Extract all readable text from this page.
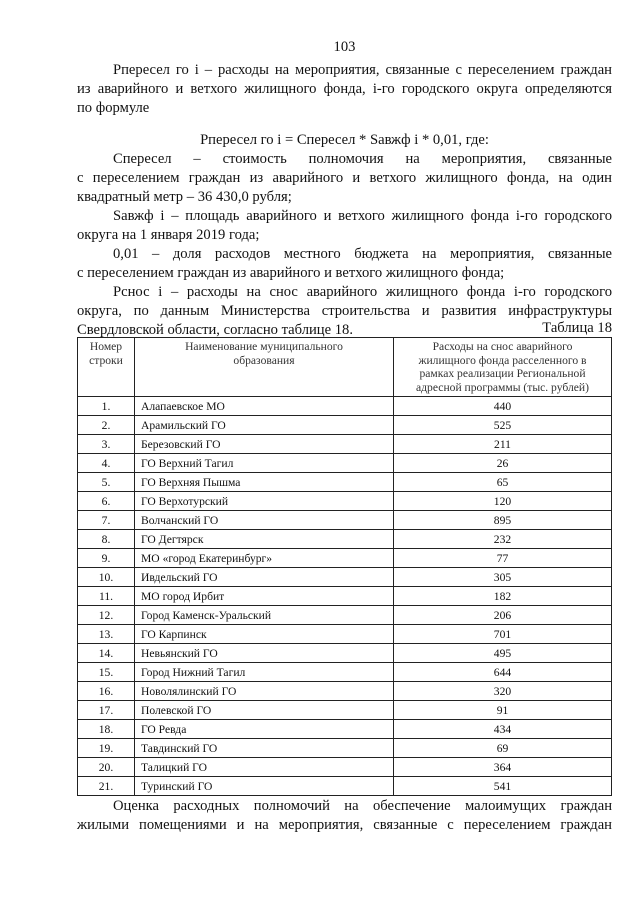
103
Рпересел го i – расходы на мероприятия, связанные с переселением граждан
из аварийного и ветхого жилищного фонда, i-го городского округа определяются
по формуле
Рпересел го i = Спересел * Sавжф i * 0,01, где:
Спересел – стоимость полномочия на мероприятия, связанные
с переселением граждан из аварийного и ветхого жилищного фонда, на один
квадратный метр – 36 430,0 рубля;
Sавжф i – площадь аварийного и ветхого жилищного фонда i-го городского
округа на 1 января 2019 года;
0,01 – доля расходов местного бюджета на мероприятия, связанные
с переселением граждан из аварийного и ветхого жилищного фонда;
Рснос i – расходы на снос аварийного жилищного фонда i-го городского
округа, по данным Министерства строительства и развития инфраструктуры
Свердловской области, согласно таблице 18.	Таблица 18
Номер строки	Наименование муниципального образования	Расходы на снос аварийного жилищного фонда расселенного в рамках реализации Региональной адресной программы (тыс. рублей)
1.	Алапаевское МО	440
2.	Арамильский ГО	525
3.	Березовский ГО	211
4.	ГО Верхний Тагил	26
5.	ГО Верхняя Пышма	65
6.	ГО Верхотурский	120
7.	Волчанский ГО	895
8.	ГО Дегтярск	232
9.	МО «город Екатеринбург»	77
10.	Ивдельский ГО	305
11.	МО город Ирбит	182
12.	Город Каменск-Уральский	206
13.	ГО Карпинск	701
14.	Невьянский ГО	495
15.	Город Нижний Тагил	644
16.	Новолялинский ГО	320
17.	Полевской ГО	91
18.	ГО Ревда	434
19.	Тавдинский ГО	69
20.	Талицкий ГО	364
21.	Туринский ГО	541
Оценка расходных полномочий на обеспечение малоимущих граждан
жилыми помещениями и на мероприятия, связанные с переселением граждан
